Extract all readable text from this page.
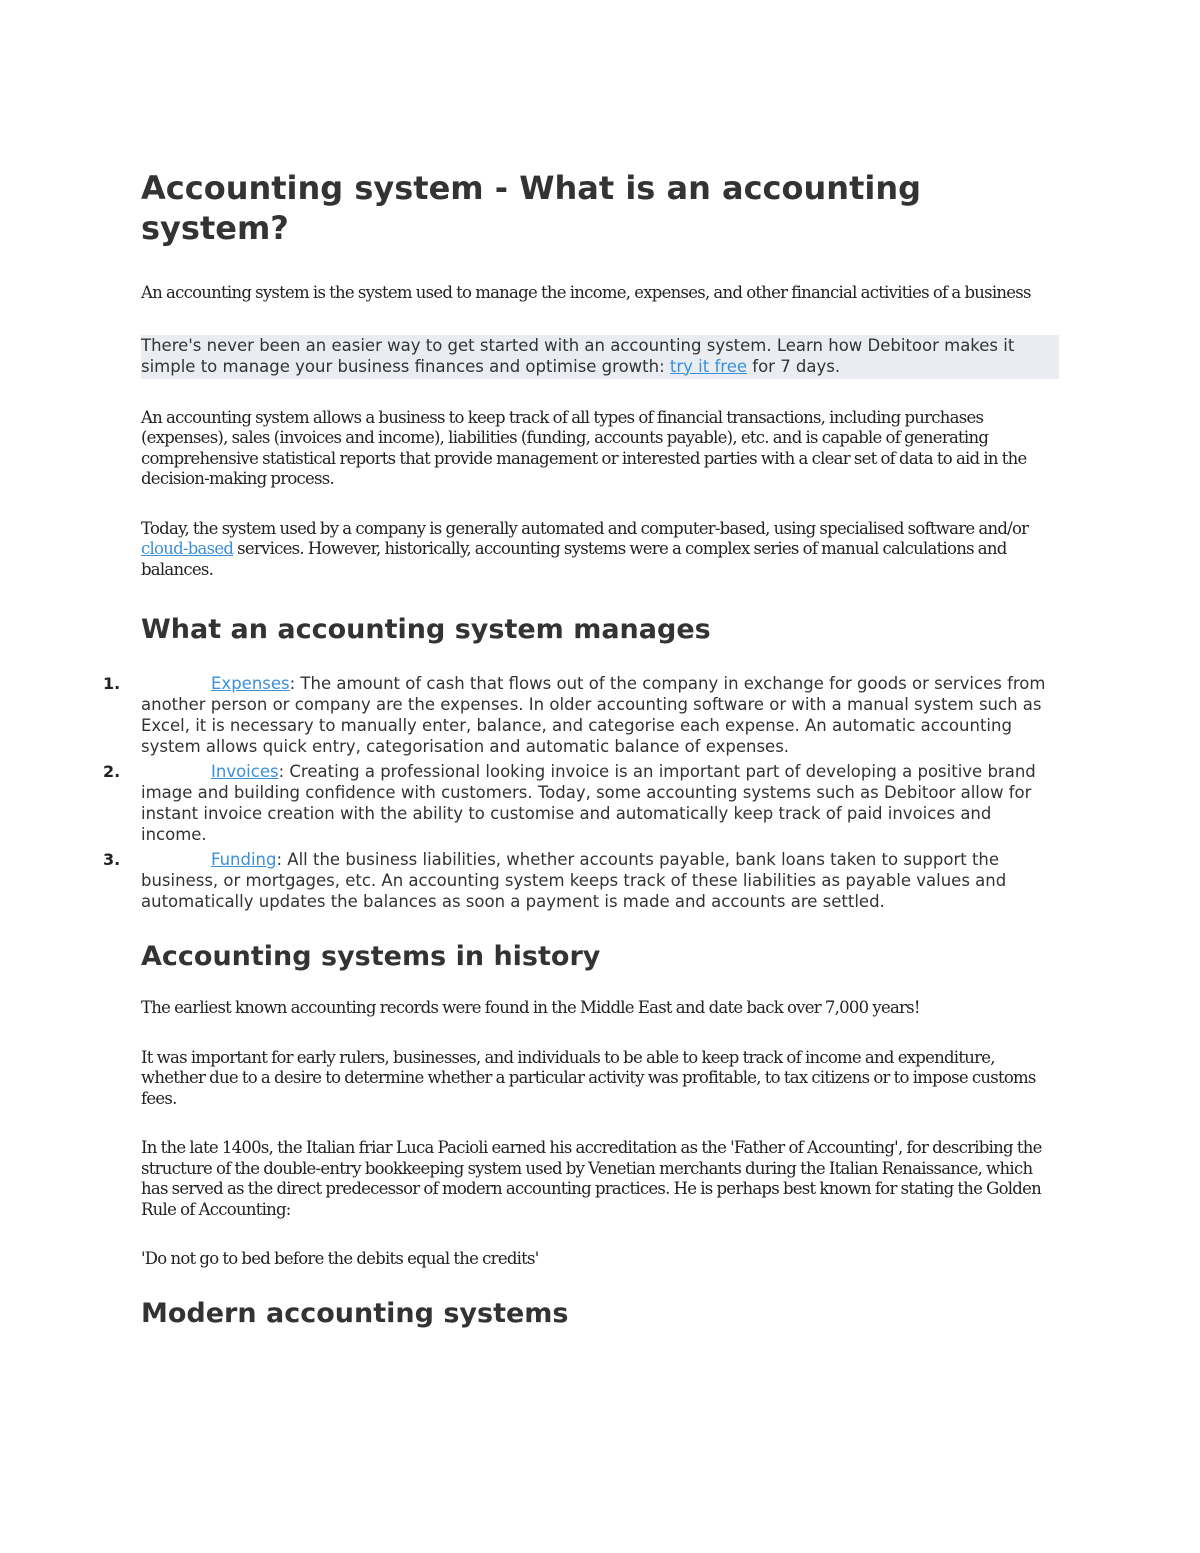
Accounting system - What is an accounting system?

An accounting system is the system used to manage the income, expenses, and other financial activities of a business

There's never been an easier way to get started with an accounting system. Learn how Debitoor makes it simple to manage your business finances and optimise growth: try it free for 7 days.

An accounting system allows a business to keep track of all types of financial transactions, including purchases (expenses), sales (invoices and income), liabilities (funding, accounts payable), etc. and is capable of generating comprehensive statistical reports that provide management or interested parties with a clear set of data to aid in the decision-making process.

Today, the system used by a company is generally automated and computer-based, using specialised software and/or cloud-based services. However, historically, accounting systems were a complex series of manual calculations and balances.

What an accounting system manages
1.	Expenses: The amount of cash that flows out of the company in exchange for goods or services from another person or company are the expenses. In older accounting software or with a manual system such as Excel, it is necessary to manually enter, balance, and categorise each expense. An automatic accounting system allows quick entry, categorisation and automatic balance of expenses.
2.	Invoices: Creating a professional looking invoice is an important part of developing a positive brand image and building confidence with customers. Today, some accounting systems such as Debitoor allow for instant invoice creation with the ability to customise and automatically keep track of paid invoices and income.
3.	Funding: All the business liabilities, whether accounts payable, bank loans taken to support the business, or mortgages, etc. An accounting system keeps track of these liabilities as payable values and automatically updates the balances as soon a payment is made and accounts are settled.
Accounting systems in history

The earliest known accounting records were found in the Middle East and date back over 7,000 years!

It was important for early rulers, businesses, and individuals to be able to keep track of income and expenditure, whether due to a desire to determine whether a particular activity was profitable, to tax citizens or to impose customs fees.

In the late 1400s, the Italian friar Luca Pacioli earned his accreditation as the 'Father of Accounting', for describing the structure of the double-entry bookkeeping system used by Venetian merchants during the Italian Renaissance, which has served as the direct predecessor of modern accounting practices. He is perhaps best known for stating the Golden Rule of Accounting:

'Do not go to bed before the debits equal the credits'

Modern accounting systems
